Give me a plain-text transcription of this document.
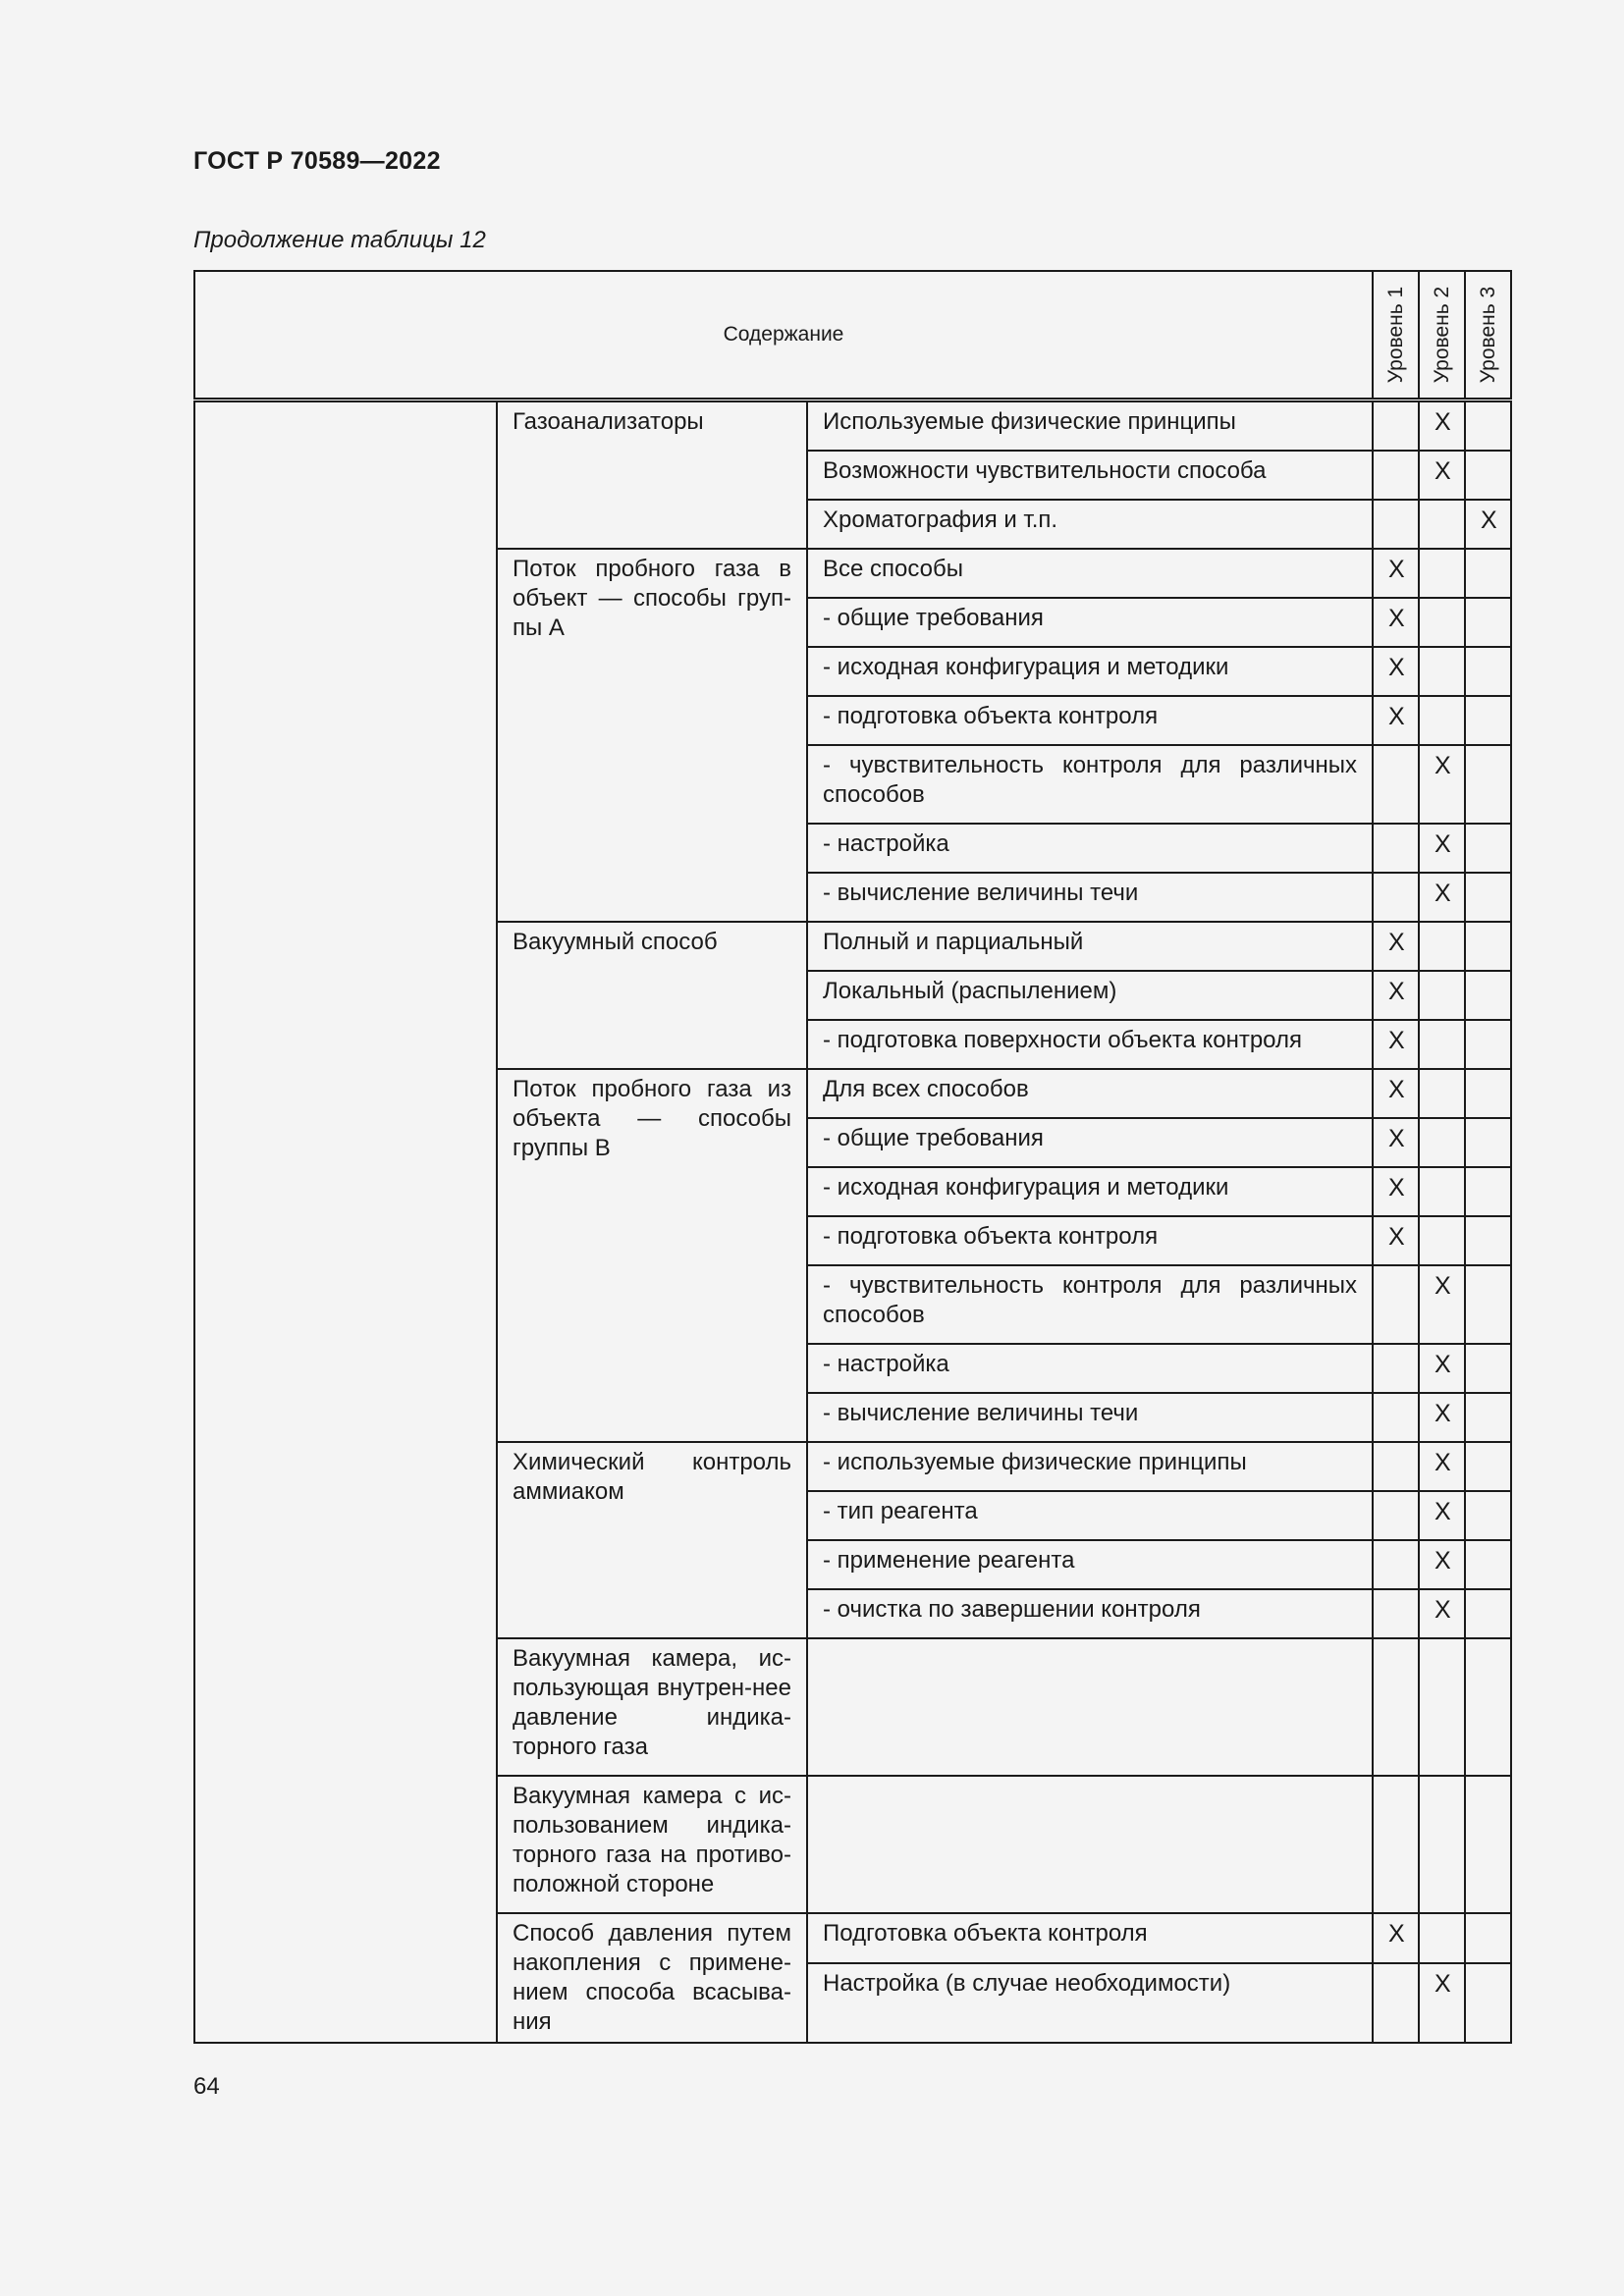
ГОСТ Р 70589—2022
Продолжение таблицы 12
Содержание			Уровень 1	Уровень 2	Уровень 3

	Газоанализаторы	Используемые физические принципы		X	
		Возможности чувствительности способа		X	
		Хроматография и т.п.			X
	Поток пробного газа в объект — способы груп-пы А	Все способы	X		
		- общие требования	X		
		- исходная конфигурация и методики	X		
		- подготовка объекта контроля	X		
		- чувствительность контроля для различных способов		X	
		- настройка		X	
		- вычисление величины течи		X	
	Вакуумный способ	Полный и парциальный	X		
		Локальный (распылением)	X		
		- подготовка поверхности объекта контроля	X		
	Поток пробного газа из объекта — способы группы В	Для всех способов	X		
		- общие требования	X		
		- исходная конфигурация и методики	X		
		- подготовка объекта контроля	X		
		- чувствительность контроля для различных способов		X	
		- настройка		X	
		- вычисление величины течи		X	
	Химический контроль аммиаком	- используемые физические принципы		X	
		- тип реагента		X	
		- применение реагента		X	
		- очистка по завершении контроля		X	
	Вакуумная камера, ис-пользующая внутрен-нее давление индика-торного газа				
	Вакуумная камера с ис-пользованием индика-торного газа на противо-положной стороне				
	Способ давления путем накопления с примене-нием способа всасыва-ния	Подготовка объекта контроля	X		
		Настройка (в случае необходимости)		X	
64
